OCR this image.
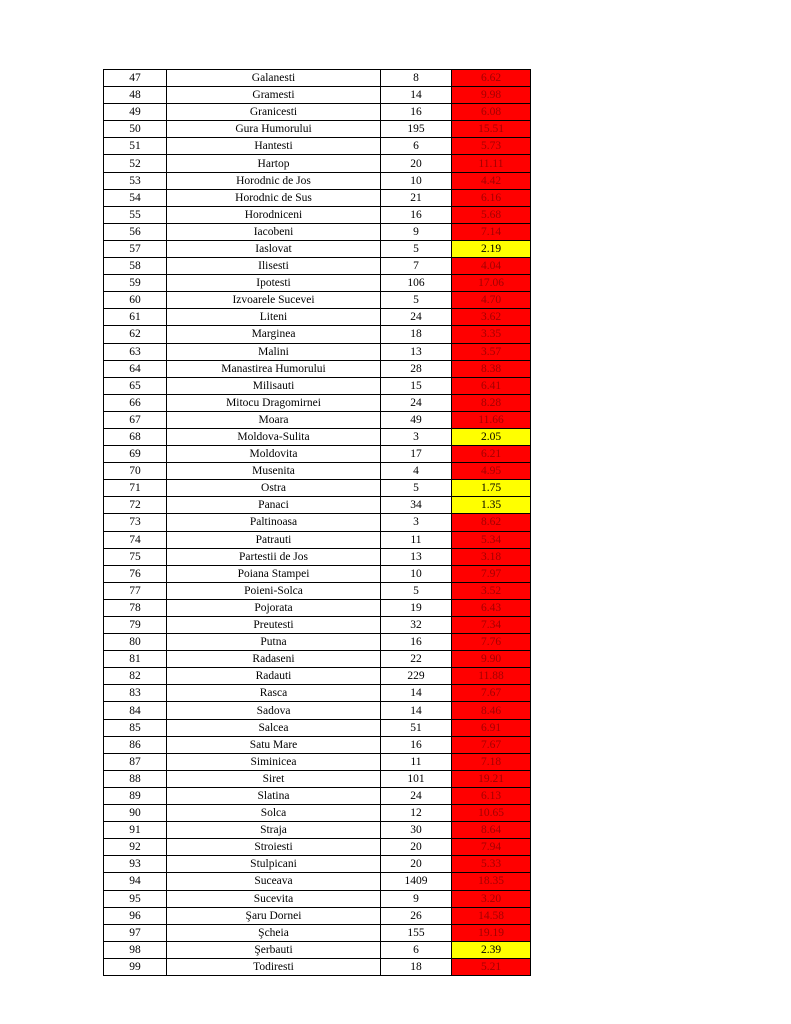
47	Galanesti	8	6.62
48	Gramesti	14	9.98
49	Granicesti	16	6.08
50	Gura Humorului	195	15.51
51	Hantesti	6	5.73
52	Hartop	20	11.11
53	Horodnic de Jos	10	4.42
54	Horodnic de Sus	21	6.16
55	Horodniceni	16	5.68
56	Iacobeni	9	7.14
57	Iaslovat	5	2.19
58	Ilisesti	7	4.04
59	Ipotesti	106	17.06
60	Izvoarele Sucevei	5	4.70
61	Liteni	24	3.62
62	Marginea	18	3.35
63	Malini	13	3.57
64	Manastirea Humorului	28	8.38
65	Milisauti	15	6.41
66	Mitocu Dragomirnei	24	8.28
67	Moara	49	11.66
68	Moldova-Sulita	3	2.05
69	Moldovita	17	6.21
70	Musenita	4	4.95
71	Ostra	5	1.75
72	Panaci	34	1.35
73	Paltinoasa	3	8.62
74	Patrauti	11	5.34
75	Partestii de Jos	13	3.18
76	Poiana Stampei	10	7.97
77	Poieni-Solca	5	3.52
78	Pojorata	19	6.43
79	Preutesti	32	7.34
80	Putna	16	7.76
81	Radaseni	22	9.90
82	Radauti	229	11.88
83	Rasca	14	7.67
84	Sadova	14	8.46
85	Salcea	51	6.91
86	Satu Mare	16	7.67
87	Siminicea	11	7.18
88	Siret	101	19.21
89	Slatina	24	6.13
90	Solca	12	10.65
91	Straja	30	8.64
92	Stroiesti	20	7.94
93	Stulpicani	20	5.33
94	Suceava	1409	18.35
95	Sucevita	9	3.20
96	Şaru Dornei	26	14.58
97	Şcheia	155	19.19
98	Şerbauti	6	2.39
99	Todiresti	18	5.21
